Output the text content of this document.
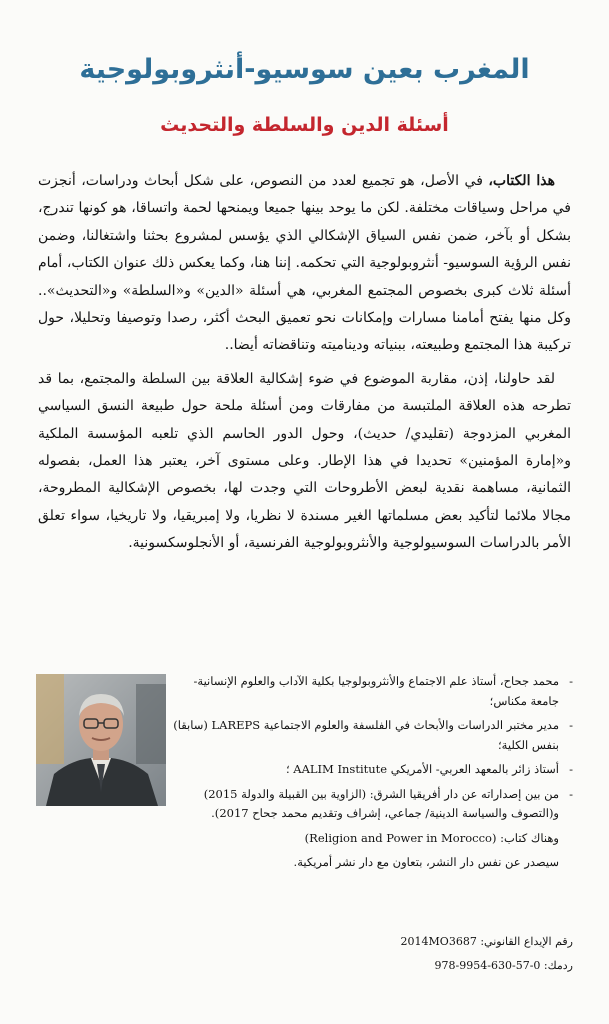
المغرب بعين سوسيو-أنثروبولوجية
أسئلة الدين والسلطة والتحديث

هذا الكتاب، في الأصل، هو تجميع لعدد من النصوص، على شكل أبحاث ودراسات، أنجزت في مراحل وسياقات مختلفة. لكن ما يوحد بينها جميعا ويمنحها لحمة واتساقا، هو كونها تندرج، بشكل أو بآخر، ضمن نفس السياق الإشكالي الذي يؤسس لمشروع بحثنا واشتغالنا، وضمن نفس الرؤية السوسيو- أنثروبولوجية التي تحكمه. إننا هنا، وكما يعكس ذلك عنوان الكتاب، أمام أسئلة ثلاث كبرى بخصوص المجتمع المغربي، هي أسئلة «الدين» و«السلطة» و«التحديث».. وكل منها يفتح أمامنا مسارات وإمكانات نحو تعميق البحث أكثر، رصدا وتوصيفا وتحليلا، حول تركيبة هذا المجتمع وطبيعته، ببنياته وديناميته وتناقضاته أيضا..

لقد حاولنا، إذن، مقاربة الموضوع في ضوء إشكالية العلاقة بين السلطة والمجتمع، بما قد تطرحه هذه العلاقة الملتبسة من مفارقات ومن أسئلة ملحة حول طبيعة النسق السياسي المغربي المزدوجة (تقليدي/ حديث)، وحول الدور الحاسم الذي تلعبه المؤسسة الملكية و«إمارة المؤمنين» تحديدا في هذا الإطار. وعلى مستوى آخر، يعتبر هذا العمل، بفصوله الثمانية، مساهمة نقدية لبعض الأطروحات التي وجدت لها، بخصوص الإشكالية المطروحة، مجالا ملائما لتأكيد بعض مسلماتها الغير مسندة لا نظريا، ولا إمبريقيا، ولا تاريخيا، سواء تعلق الأمر بالدراسات السوسيولوجية والأنثروبولوجية الفرنسية، أو الأنجلوسكسونية.

-
محمد جحاح، أستاذ علم الاجتماع والأنثروبولوجيا بكلية الآداب والعلوم الإنسانية- جامعة مكناس؛
-
مدير مختبر الدراسات والأبحاث في الفلسفة والعلوم الاجتماعية LAREPS (سابقا) بنفس الكلية؛
-
أستاذ زائر بالمعهد العربي- الأمريكي AALIM Institute ؛
-
من بين إصداراته عن دار أفريقيا الشرق: (الزاوية بين القبيلة والدولة 2015) و(التصوف والسياسة الدينية/ جماعي، إشراف وتقديم محمد جحاح 2017).
وهناك كتاب: (Religion and Power in Morocco)
سيصدر عن نفس دار النشر، بتعاون مع دار نشر أمريكية.
رقم الإيداع القانوني: 2014MO3687
ردمك: 0-57-630-9954-978
